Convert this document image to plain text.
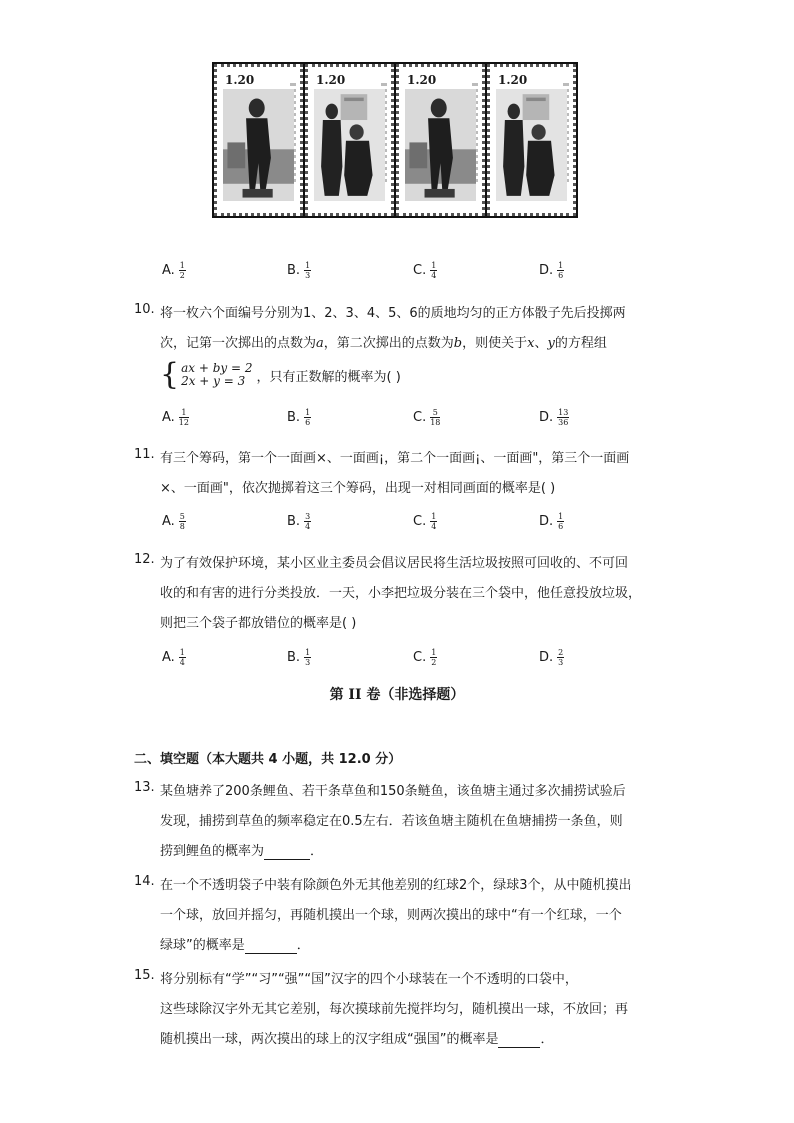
1.20	1.20	1.20	1.20
A. $\frac{1}{2}$	B. $\frac{1}{3}$	C. $\frac{1}{4}$	D. $\frac{1}{6}$
10. 将一枚六个面编号分别为1、2、3、4、5、6的质地均匀的正方体骰子先后投掷两
次，记第一次掷出的点数为a，第二次掷出的点数为b，则使关于x、y的方程组
{ ax + by = 2
2x + y = 3 ，只有正数解的概率为( )
A. $\frac{1}{12}$	B. $\frac{1}{6}$	C. $\frac{5}{18}$	D. $\frac{13}{36}$
11. 有三个筹码，第一个一面画×、一面画¡，第二个一面画¡、一面画"，第三个一面画
×、一面画"，依次抛掷着这三个筹码，出现一对相同画面的概率是( )
A. $\frac{5}{8}$	B. $\frac{3}{4}$	C. $\frac{1}{4}$	D. $\frac{1}{6}$
12. 为了有效保护环境，某小区业主委员会倡议居民将生活垃圾按照可回收的、不可回
收的和有害的进行分类投放．一天，小李把垃圾分装在三个袋中，他任意投放垃圾，
则把三个袋子都放错位的概率是( )
A. $\frac{1}{4}$	B. $\frac{1}{3}$	C. $\frac{1}{2}$	D. $\frac{2}{3}$
第 II 卷（非选择题）
二、填空题（本大题共 4 小题，共 12.0 分）
13. 某鱼塘养了200条鲤鱼、若干条草鱼和150条鲢鱼，该鱼塘主通过多次捕捞试验后
发现，捕捞到草鱼的频率稳定在0.5左右．若该鱼塘主随机在鱼塘捕捞一条鱼，则
捞到鲤鱼的概率为	．
14. 在一个不透明袋子中装有除颜色外无其他差别的红球2个，绿球3个，从中随机摸出
一个球，放回并摇匀，再随机摸出一个球，则两次摸出的球中“有一个红球，一个
绿球”的概率是	．
15. 将分别标有“学”“习”“强”“国”汉字的四个小球装在一个不透明的口袋中，
这些球除汉字外无其它差别，每次摸球前先搅拌均匀，随机摸出一球，不放回；再
随机摸出一球，两次摸出的球上的汉字组成“强国”的概率是	．
